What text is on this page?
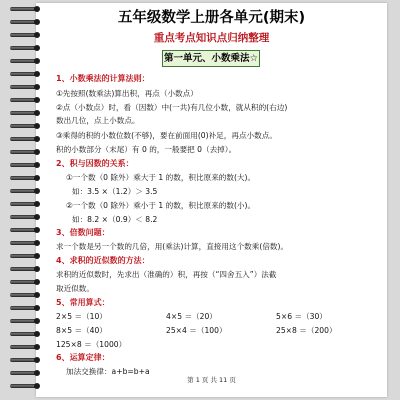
五年级数学上册各单元(期末)
重点考点知识点归纳整理
第一单元、小数乘法☆
1、小数乘法的计算法则：
①先按照(数乘法)算出积，再点（小数点）
②点（小数点）时，看（因数）中(一共)有几位小数，就从积的(右边)
数出几位，点上小数点。
③乘得的积的小数位数(不够)，要在前面用(0)补足，再点小数点。
积的小数部分（末尾）有 0 的，一般要把 0（去掉）。
2、积与因数的关系：
①一个数（0 除外）乘大于 1 的数，积比原来的数(大)。
如：3.5 ×（1.2）＞ 3.5
②一个数（0 除外）乘小于 1 的数，积比原来的数(小)。
如：8.2 ×（0.9）＜ 8.2
3、倍数问题：
求一个数是另一个数的几倍，用(乘法)计算，直接用这个数乘(倍数)。
4、求积的近似数的方法：
求积的近似数时，先求出（准确的）积，再按（“四舍五入”）法截
取近似数。
5、常用算式：
2×5 ＝（10）	4×5 ＝（20）	5×6 ＝（30）
8×5 ＝（40）	25×4 ＝（100）	25×8 ＝（200）
125×8 ＝（1000）
6、运算定律：
加法交换律：a+b=b+a
第 1 页 共 11 页
